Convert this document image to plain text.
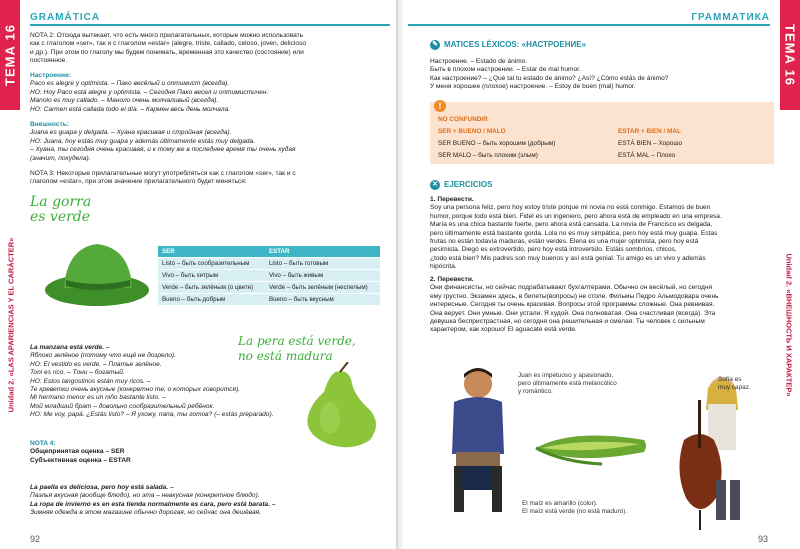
ТЕМА 16
Unidad 2. «LAS APARIENCIAS Y EL CARÁCTER»
GRAMÁTICA

NOTA 2: Отсюда вытекает, что есть много прилагательных, которые можно использовать

как с глаголом «ser», так и с глаголом «estar» (alegre, triste, callado, celoso, joven, delicioso

и др.). При этом по глаголу мы будем понимать, временная это качество (состояние) или

постоянное.

Настроение:

Paco es alegre y optimista. – Пако весёлый и оптимист (всегда).

HO: Hoy Paco está alegre y optimista. – Сегодня Пако весел и оптимистичен.

Manolo es muy callado. – Маноло очень молчаливый (всегда).

HO: Carmen está callada todo el día. – Кармен весь день молчала.

Внешность:

Juana es guapa y delgada. – Хуана красивая и стройная (всегда).

HO: Juana, hoy estás muy guapa y además últimamente estás muy delgada.

– Хуана, ты сегодня очень красивая, и к тому же в последнее время ты очень худая

(значит, похудела).

NOTA 3: Некоторые прилагательные могут употребляться как с глаголом «ser», так и с

глаголом «estar», при этом значение прилагательного будет меняться:

La gorra
es verde
SER	ESTAR
Listo – быть сообразительным	Listo – быть готовым
Vivo – быть хитрым	Vivo – быть живым
Verde – быть зелёным (о цвете)	Verde – быть зелёным (неспелым)
Bueno – быть добрым	Bueno – быть вкусным
La pera está verde,
no está madura

La manzana está verde. –

Яблоко зелёное (потому что ещё не дозрело).

HO: El vestido es verde. – Платье зелёное.

Toni es rico. – Тони – богатый.

HO: Estos langostinos están muy ricos. –

Те креветки очень вкусные (конкретно те, о которых говорится).

Mi hermano menor es un niño bastante listo. –

Мой младший брат – довольно сообразительный ребёнок.

HO: Me voy, papá. ¿Estás listo? – Я ухожу, папа, ты готов? (– estás preparado).

NOTA 4:

Общепринятая оценка – SER

Субъективная оценка – ESTAR

La paella es deliciosa, pero hoy está salada. –

Паэлья вкусная (вообще блюдо), но эта – невкусная (конкретное блюдо).

La ropa de invierno es en esta tienda normalmente es cara, pero está barata. –

Зимняя одежда в этом магазине обычно дорогая, но сейчас она дешёвая.

92
ТЕМА 16
Unidad 2. «ВНЕШНОСТЬ И ХАРАКТЕР»
ГРАММАТИКА
✎ MATICES LÉXICOS: «НАСТРОЕНИЕ»

Настроение. – Estado de ánimo.

Быть в плохом настроении. – Estar de mal humor.

Как настроение? – ¿Qué tal tu estado de ánimo? ¿Así? ¿Cómo estás de ánimo?

У меня хорошее (плохое) настроение. – Estoy de buen (mal) humor.

!
NO CONFUNDIR
SER + BUENO / MALO	ESTAR + BIEN / MAL
SER BUENO – быть хорошим (добрым)	ESTÁ BIEN – Хорошо
SER MALO – быть плохим (злым)	ESTÁ MAL – Плохо
✕ EJERCICIOS

1. Перевести.

Soy una persona feliz, pero hoy estoy triste porque mi novia no está conmigo. Estamos de buen

humor, porque todo está bien. Fidel es un ingeniero, pero ahora está de empleado en una empresa.

María es una chica bastante fuerte, pero ahora está cansada. La novia de Francisco es delgada,

pero últimamente está bastante gorda. Lola no es muy simpática, pero hoy está muy guapa. Estas

frutas no están todavía maduras, están verdes. Elena es una mujer optimista, pero hoy está

pesimista. Diego es extrovertido, pero hoy está introvertido. Estáis sombríos, chicos,

¿todo está bien? Mis padres son muy buenos y así está genial. Tu amigo es un vivo y además

hipócrita.

2. Перевести.

Они финансисты, но сейчас подрабатывают бухгалтерами. Обычно он весёлый, но сегодня

ему грустно. Экзамен здесь, в билеты(вопросы) не столе. Фильмы Педро Альмодовара очень

интересные. Сегодня ты очень красивая. Вопросы этой программы сложные. Она ревнивая.

Она верует. Они умные. Они устали. Я худой. Она полноватая. Она счастливая (всегда). Эта

девушка беспристрастная, но сегодня она решительная и смелая. Ты человек с сильным

характером, как хорошо! El aguacate está verde.

Juan es impetuoso y apasionado,

pero últimamente está melancólico

y romántico.

El maíz es amarillo (color).

El maíz está verde (no está maduro).

Sofía es

muy capaz.

93
